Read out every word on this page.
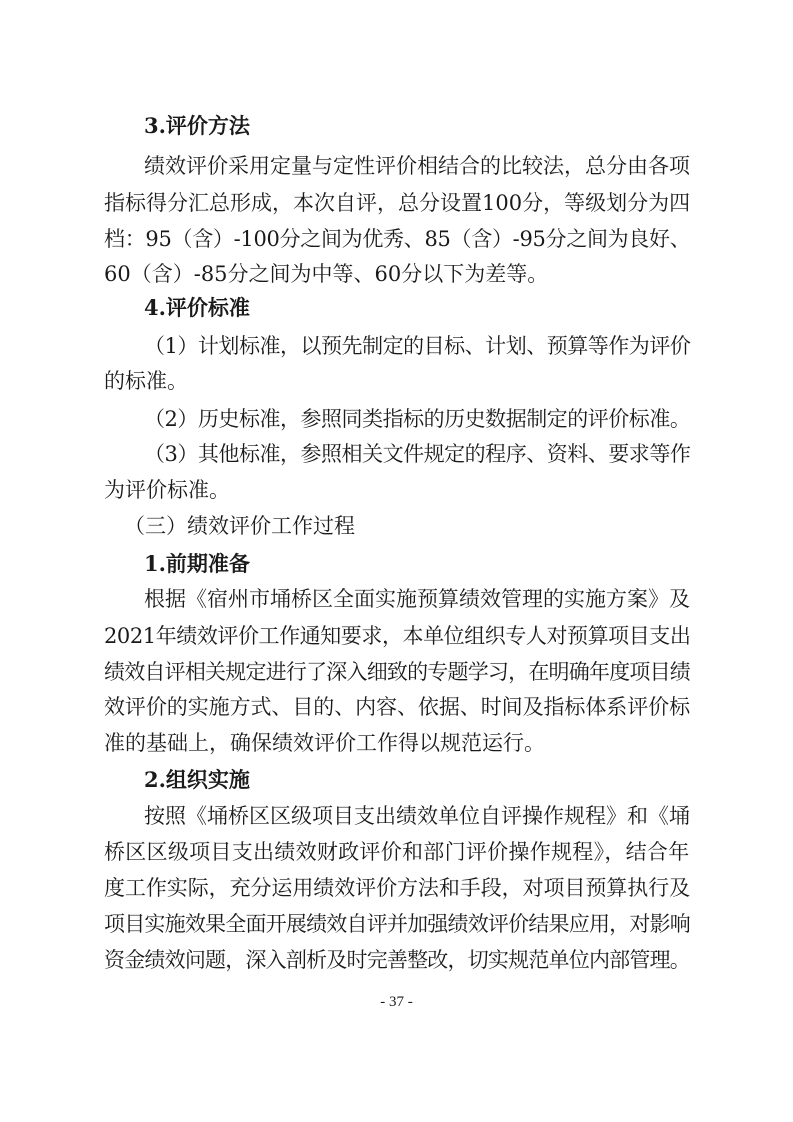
3.评价方法
绩效评价采用定量与定性评价相结合的比较法，总分由各项
指标得分汇总形成，本次自评，总分设置100分，等级划分为四
档：95（含）-100分之间为优秀、85（含）-95分之间为良好、
60（含）-85分之间为中等、60分以下为差等。
4.评价标准
（1）计划标准，以预先制定的目标、计划、预算等作为评价
的标准。
（2）历史标准，参照同类指标的历史数据制定的评价标准。
（3）其他标准，参照相关文件规定的程序、资料、要求等作
为评价标准。
（三）绩效评价工作过程
1.前期准备
根据《宿州市埇桥区全面实施预算绩效管理的实施方案》及
2021年绩效评价工作通知要求，本单位组织专人对预算项目支出
绩效自评相关规定进行了深入细致的专题学习，在明确年度项目绩
效评价的实施方式、目的、内容、依据、时间及指标体系评价标
准的基础上，确保绩效评价工作得以规范运行。
2.组织实施
按照《埇桥区区级项目支出绩效单位自评操作规程》和《埇
桥区区级项目支出绩效财政评价和部门评价操作规程》，结合年
度工作实际，充分运用绩效评价方法和手段，对项目预算执行及
项目实施效果全面开展绩效自评并加强绩效评价结果应用，对影响
资金绩效问题，深入剖析及时完善整改，切实规范单位内部管理。
- 37 -
